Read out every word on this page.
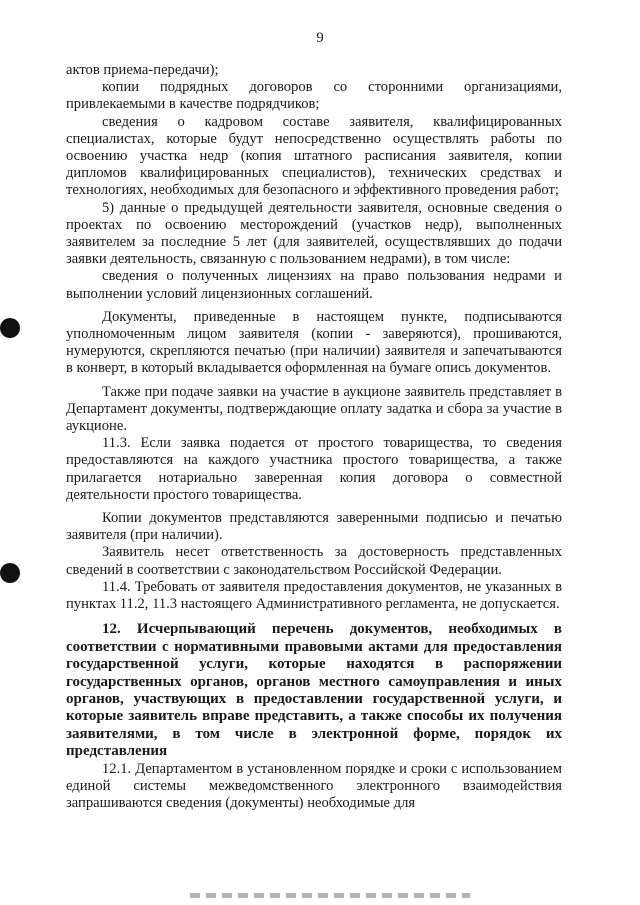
9

актов приема-передачи);

копии подрядных договоров со сторонними организациями, привлекаемыми в качестве подрядчиков;

сведения о кадровом составе заявителя, квалифицированных специалистах, которые будут непосредственно осуществлять работы по освоению участка недр (копия штатного расписания заявителя, копии дипломов квалифицированных специалистов), технических средствах и технологиях, необходимых для безопасного и эффективного проведения работ;

5) данные о предыдущей деятельности заявителя, основные сведения о проектах по освоению месторождений (участков недр), выполненных заявителем за последние 5 лет (для заявителей, осуществлявших до подачи заявки деятельность, связанную с пользованием недрами), в том числе:

сведения о полученных лицензиях на право пользования недрами и выполнении условий лицензионных соглашений.

Документы, приведенные в настоящем пункте, подписываются уполномоченным лицом заявителя (копии - заверяются), прошиваются, нумеруются, скрепляются печатью (при наличии) заявителя и запечатываются в конверт, в который вкладывается оформленная на бумаге опись документов.

Также при подаче заявки на участие в аукционе заявитель представляет в Департамент документы, подтверждающие оплату задатка и сбора за участие в аукционе.

11.3. Если заявка подается от простого товарищества, то сведения предоставляются на каждого участника простого товарищества, а также прилагается нотариально заверенная копия договора о совместной деятельности простого товарищества.

Копии документов представляются заверенными подписью и печатью заявителя (при наличии).

Заявитель несет ответственность за достоверность представленных сведений в соответствии с законодательством Российской Федерации.

11.4. Требовать от заявителя предоставления документов, не указанных в пунктах 11.2, 11.3 настоящего Административного регламента, не допускается.

12. Исчерпывающий перечень документов, необходимых в соответствии с нормативными правовыми актами для предоставления государственной услуги, которые находятся в распоряжении государственных органов, органов местного самоуправления и иных органов, участвующих в предоставлении государственной услуги, и которые заявитель вправе представить, а также способы их получения заявителями, в том числе в электронной форме, порядок их представления

12.1. Департаментом в установленном порядке и сроки с использованием единой системы межведомственного электронного взаимодействия запрашиваются сведения (документы) необходимые для
